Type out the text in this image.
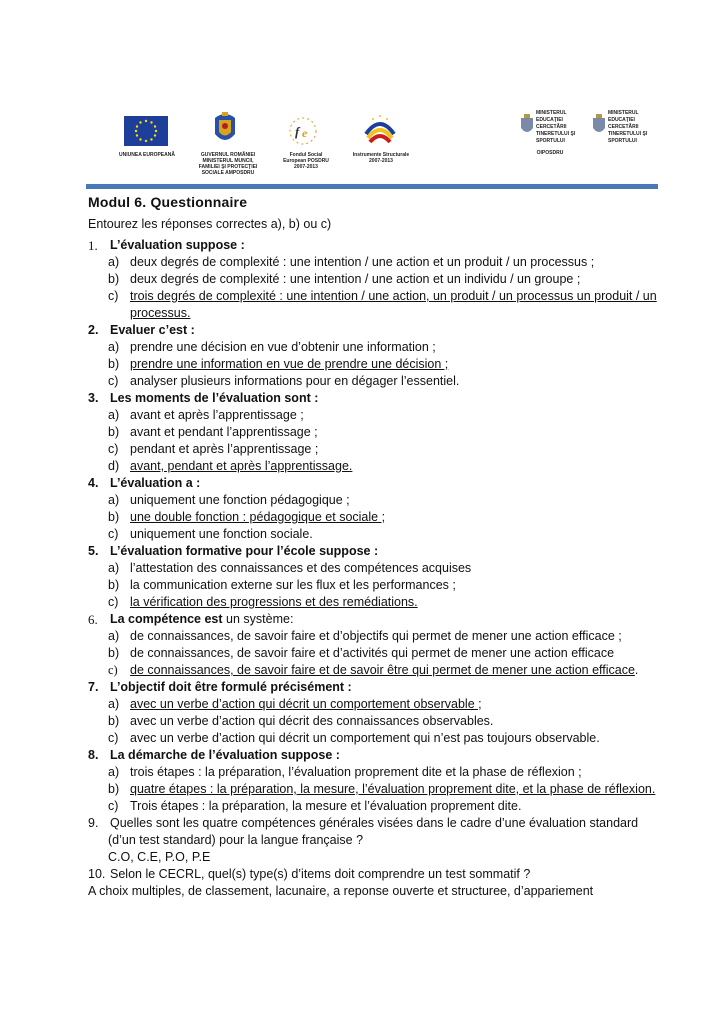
UNIUNEA EUROPEANĂ	GUVERNUL ROMÂNIEI MINISTERUL MUNCII, FAMILIEI ŞI PROTECŢIEI SOCIALE AMPOSDRU
f e
Fondul Social European POSDRU 2007-2013
Instrumente Structurale 2007-2013
MINISTERUL EDUCAŢIEI CERCETĂRII TINERETULUI ŞI SPORTULUI
OIPOSDRU
MINISTERUL EDUCAŢIEI CERCETĂRII TINERETULUI ŞI SPORTULUI
Modul 6. Questionnaire
Entourez les réponses correctes a), b) ou c)
1. L’évaluation suppose :
a) deux degrés de complexité : une intention / une action et un produit / un processus ;
b) deux degrés de complexité : une intention / une action et un individu / un groupe ;
c) trois degrés de complexité : une intention / une action, un produit / un processus un produit / un
processus.
2. Evaluer c’est :
a) prendre une décision en vue d’obtenir une information ;
b) prendre une information en vue de prendre une décision ;
c) analyser plusieurs informations pour en dégager l’essentiel.
3. Les moments de l’évaluation sont :
a) avant et après l’apprentissage ;
b) avant et pendant l’apprentissage ;
c) pendant et après l’apprentissage ;
d) avant, pendant et après l’apprentissage.
4. L’évaluation a :
a) uniquement une fonction pédagogique ;
b) une double fonction : pédagogique et sociale ;
c) uniquement une fonction sociale.
5. L’évaluation formative pour l’école suppose :
a) l’attestation des connaissances et des compétences acquises
b) la communication externe sur les flux et les performances ;
c) la vérification des progressions et des remédiations.
6. La compétence est un système:
a) de connaissances, de savoir faire et d’objectifs qui permet de mener une action efficace ;
b) de connaissances, de savoir faire et d’activités qui permet de mener une action efficace
c) de connaissances, de savoir faire et de savoir être qui permet de mener une action efficace.
7. L’objectif doit être formulé précisément :
a) avec un verbe d’action qui décrit un comportement observable ;
b) avec un verbe d’action qui décrit des connaissances observables.
c) avec un verbe d’action qui décrit un comportement qui n’est pas toujours observable.
8. La démarche de l’évaluation suppose :
a) trois étapes : la préparation, l’évaluation proprement dite et la phase de réflexion ;
b) quatre étapes : la préparation, la mesure, l’évaluation proprement dite, et la phase de réflexion.
c) Trois étapes : la préparation, la mesure et l’évaluation proprement dite.
9. Quelles sont les quatre compétences générales visées dans le cadre d’une évaluation standard
(d’un test standard) pour la langue française ?
C.O, C.E, P.O, P.E
10. Selon le CECRL, quel(s) type(s) d’items doit comprendre un test sommatif ?
A choix multiples, de classement, lacunaire, a reponse ouverte et structuree, d’appariement
